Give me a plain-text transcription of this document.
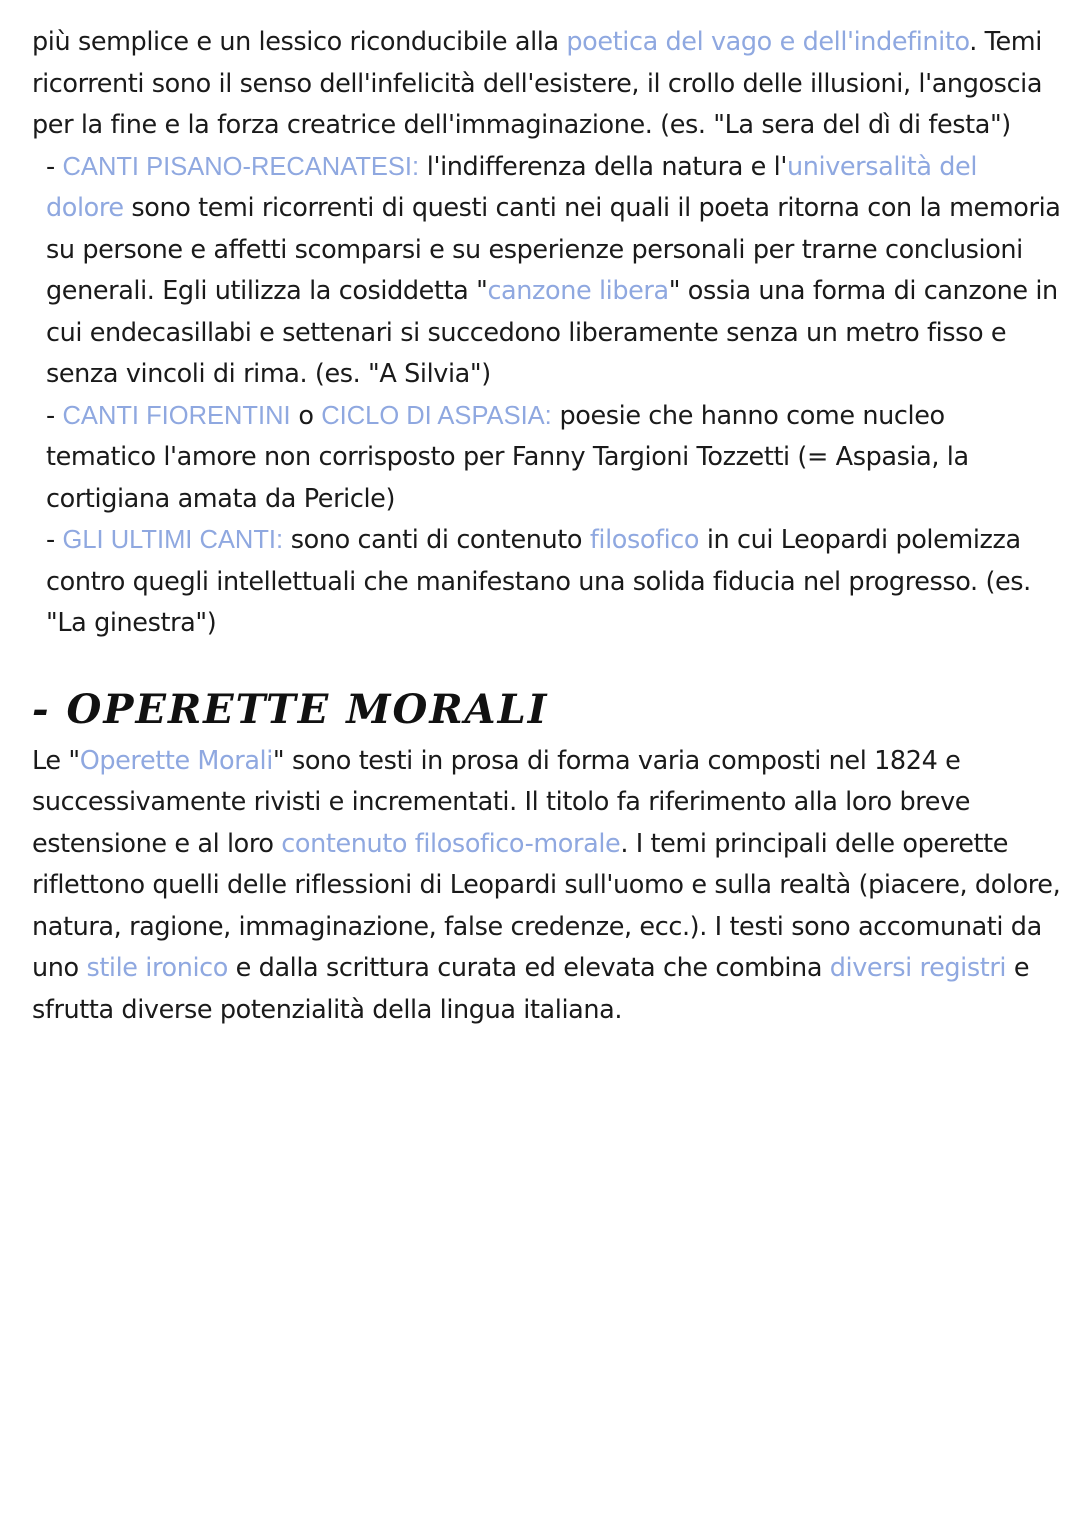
più semplice e un lessico riconducibile alla poetica del vago e dell'indefinito. Temi ricorrenti sono il senso dell'infelicità dell'esistere, il crollo delle illusioni, l'angoscia per la fine e la forza creatrice dell'immaginazione. (es. "La sera del dì di festa")

- CANTI PISANO-RECANATESI: l'indifferenza della natura e l'universalità del dolore sono temi ricorrenti di questi canti nei quali il poeta ritorna con la memoria su persone e affetti scomparsi e su esperienze personali per trarne conclusioni generali. Egli utilizza la cosiddetta "canzone libera" ossia una forma di canzone in cui endecasillabi e settenari si succedono liberamente senza un metro fisso e senza vincoli di rima. (es. "A Silvia")

- CANTI FIORENTINI o CICLO DI ASPASIA: poesie che hanno come nucleo tematico l'amore non corrisposto per Fanny Targioni Tozzetti (= Aspasia, la cortigiana amata da Pericle)

- GLI ULTIMI CANTI: sono canti di contenuto filosofico in cui Leopardi polemizza contro quegli intellettuali che manifestano una solida fiducia nel progresso. (es. "La ginestra")

- OPERETTE MORALI

Le "Operette Morali" sono testi in prosa di forma varia composti nel 1824 e successivamente rivisti e incrementati. Il titolo fa riferimento alla loro breve estensione e al loro contenuto filosofico-morale. I temi principali delle operette riflettono quelli delle riflessioni di Leopardi sull'uomo e sulla realtà (piacere, dolore, natura, ragione, immaginazione, false credenze, ecc.). I testi sono accomunati da uno stile ironico e dalla scrittura curata ed elevata che combina diversi registri e sfrutta diverse potenzialità della lingua italiana.
